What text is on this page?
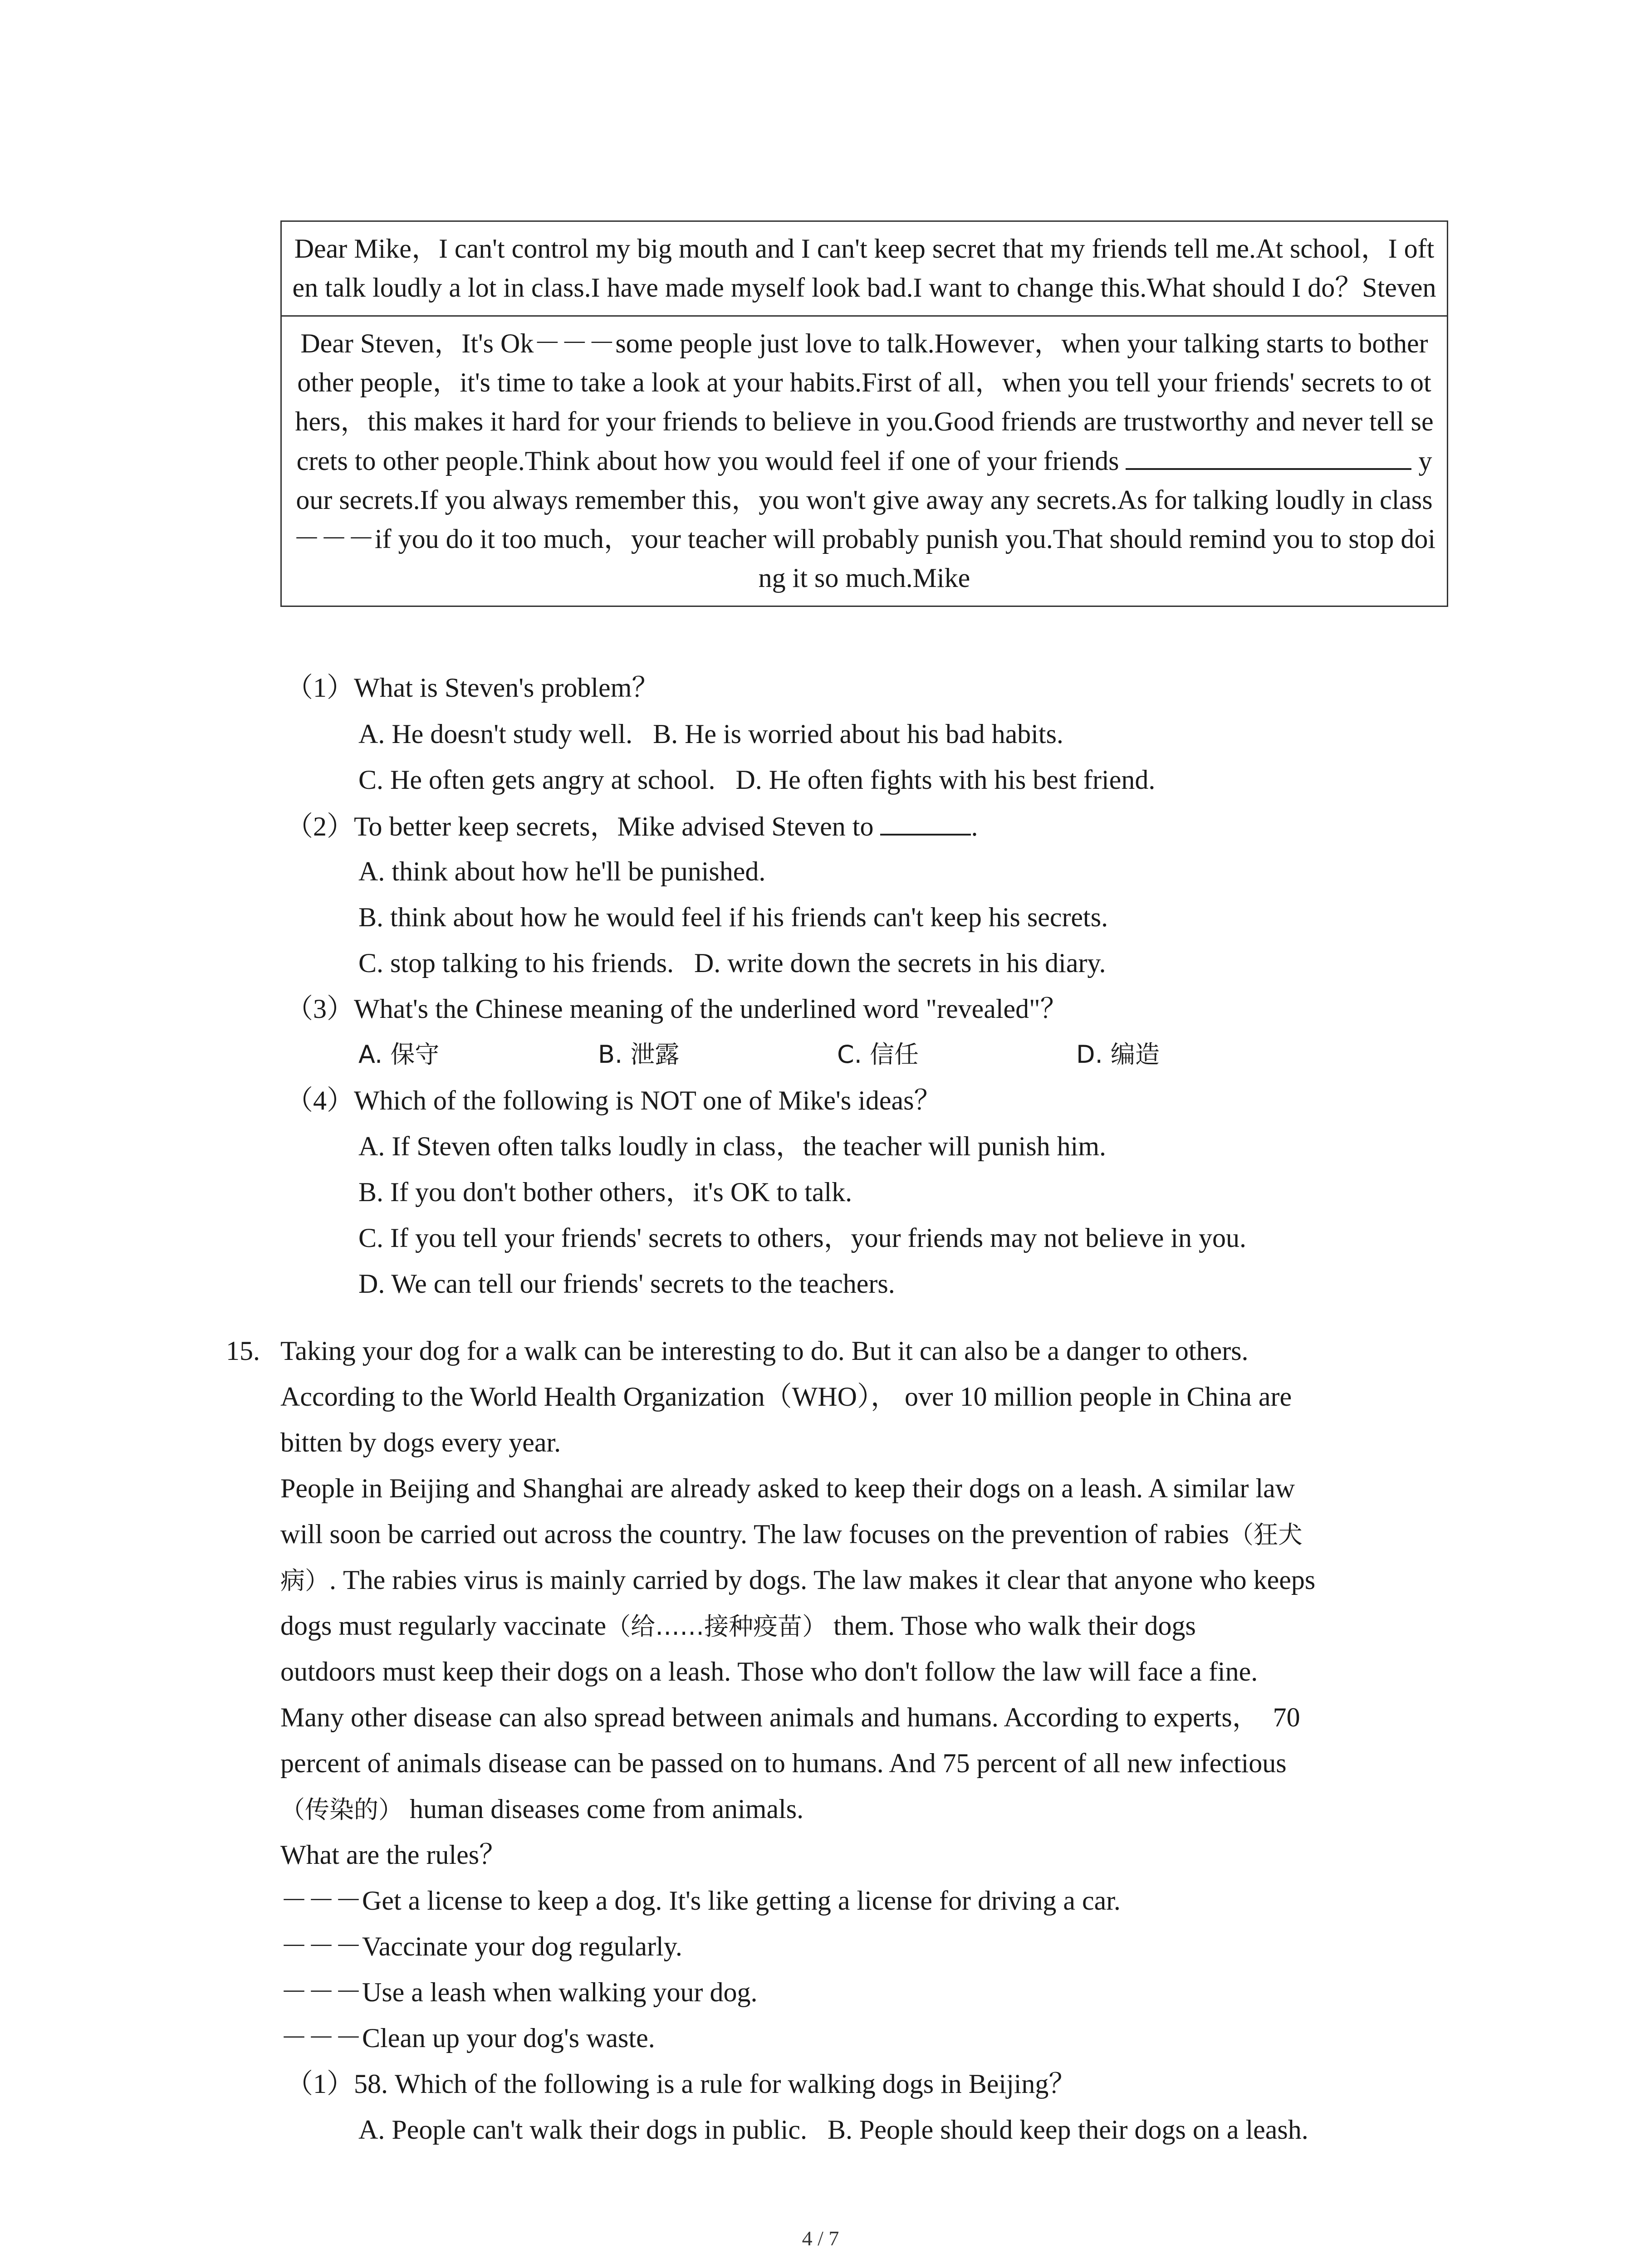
Dear Mike，I can't control my big mouth and I can't keep secret that my friends tell me.At school，I often talk loudly a lot in class.I have made myself look bad.I want to change this.What should I do？Steven
Dear Steven，It's Ok－－－some people just love to talk.However，when your talking starts to bother other people，it's time to take a look at your habits.First of all，when you tell your friends' secrets to others，this makes it hard for your friends to believe in you.Good friends are trustworthy and never tell secrets to other people.Think about how you would feel if one of your friends	your secrets.If you always remember this，you won't give away any secrets.As for talking loudly in class－－－if you do it too much，your teacher will probably punish you.That should remind you to stop doing it so much.Mike
（1）What is Steven's problem？
A. He doesn't study well.   B. He is worried about his bad habits.
C. He often gets angry at school.   D. He often fights with his best friend.
（2）To better keep secrets，Mike advised Steven to	.
A. think about how he'll be punished.
B. think about how he would feel if his friends can't keep his secrets.
C. stop talking to his friends.   D. write down the secrets in his diary.
（3）What's the Chinese meaning of the underlined word "revealed"？
A. 保守	B. 泄露	C. 信任	D. 编造
（4）Which of the following is NOT one of Mike's ideas？
A. If Steven often talks loudly in class，the teacher will punish him.
B. If you don't bother others，it's OK to talk.
C. If you tell your friends' secrets to others，your friends may not believe in you.
D. We can tell our friends' secrets to the teachers.
15. Taking your dog for a walk can be interesting to do. But it can also be a danger to others.
According to the World Health Organization（WHO）， over 10 million people in China are
bitten by dogs every year.
People in Beijing and Shanghai are already asked to keep their dogs on a leash. A similar law
will soon be carried out across the country. The law focuses on the prevention of rabies（狂犬
病）. The rabies virus is mainly carried by dogs. The law makes it clear that anyone who keeps
dogs must regularly vaccinate（给……接种疫苗） them. Those who walk their dogs
outdoors must keep their dogs on a leash. Those who don't follow the law will face a fine.
Many other disease can also spread between animals and humans. According to experts，  70
percent of animals disease can be passed on to humans. And 75 percent of all new infectious
（传染的） human diseases come from animals.
What are the rules？
－－－Get a license to keep a dog. It's like getting a license for driving a car.
－－－Vaccinate your dog regularly.
－－－Use a leash when walking your dog.
－－－Clean up your dog's waste.
（1）58. Which of the following is a rule for walking dogs in Beijing？
A. People can't walk their dogs in public.   B. People should keep their dogs on a leash.
4 / 7
